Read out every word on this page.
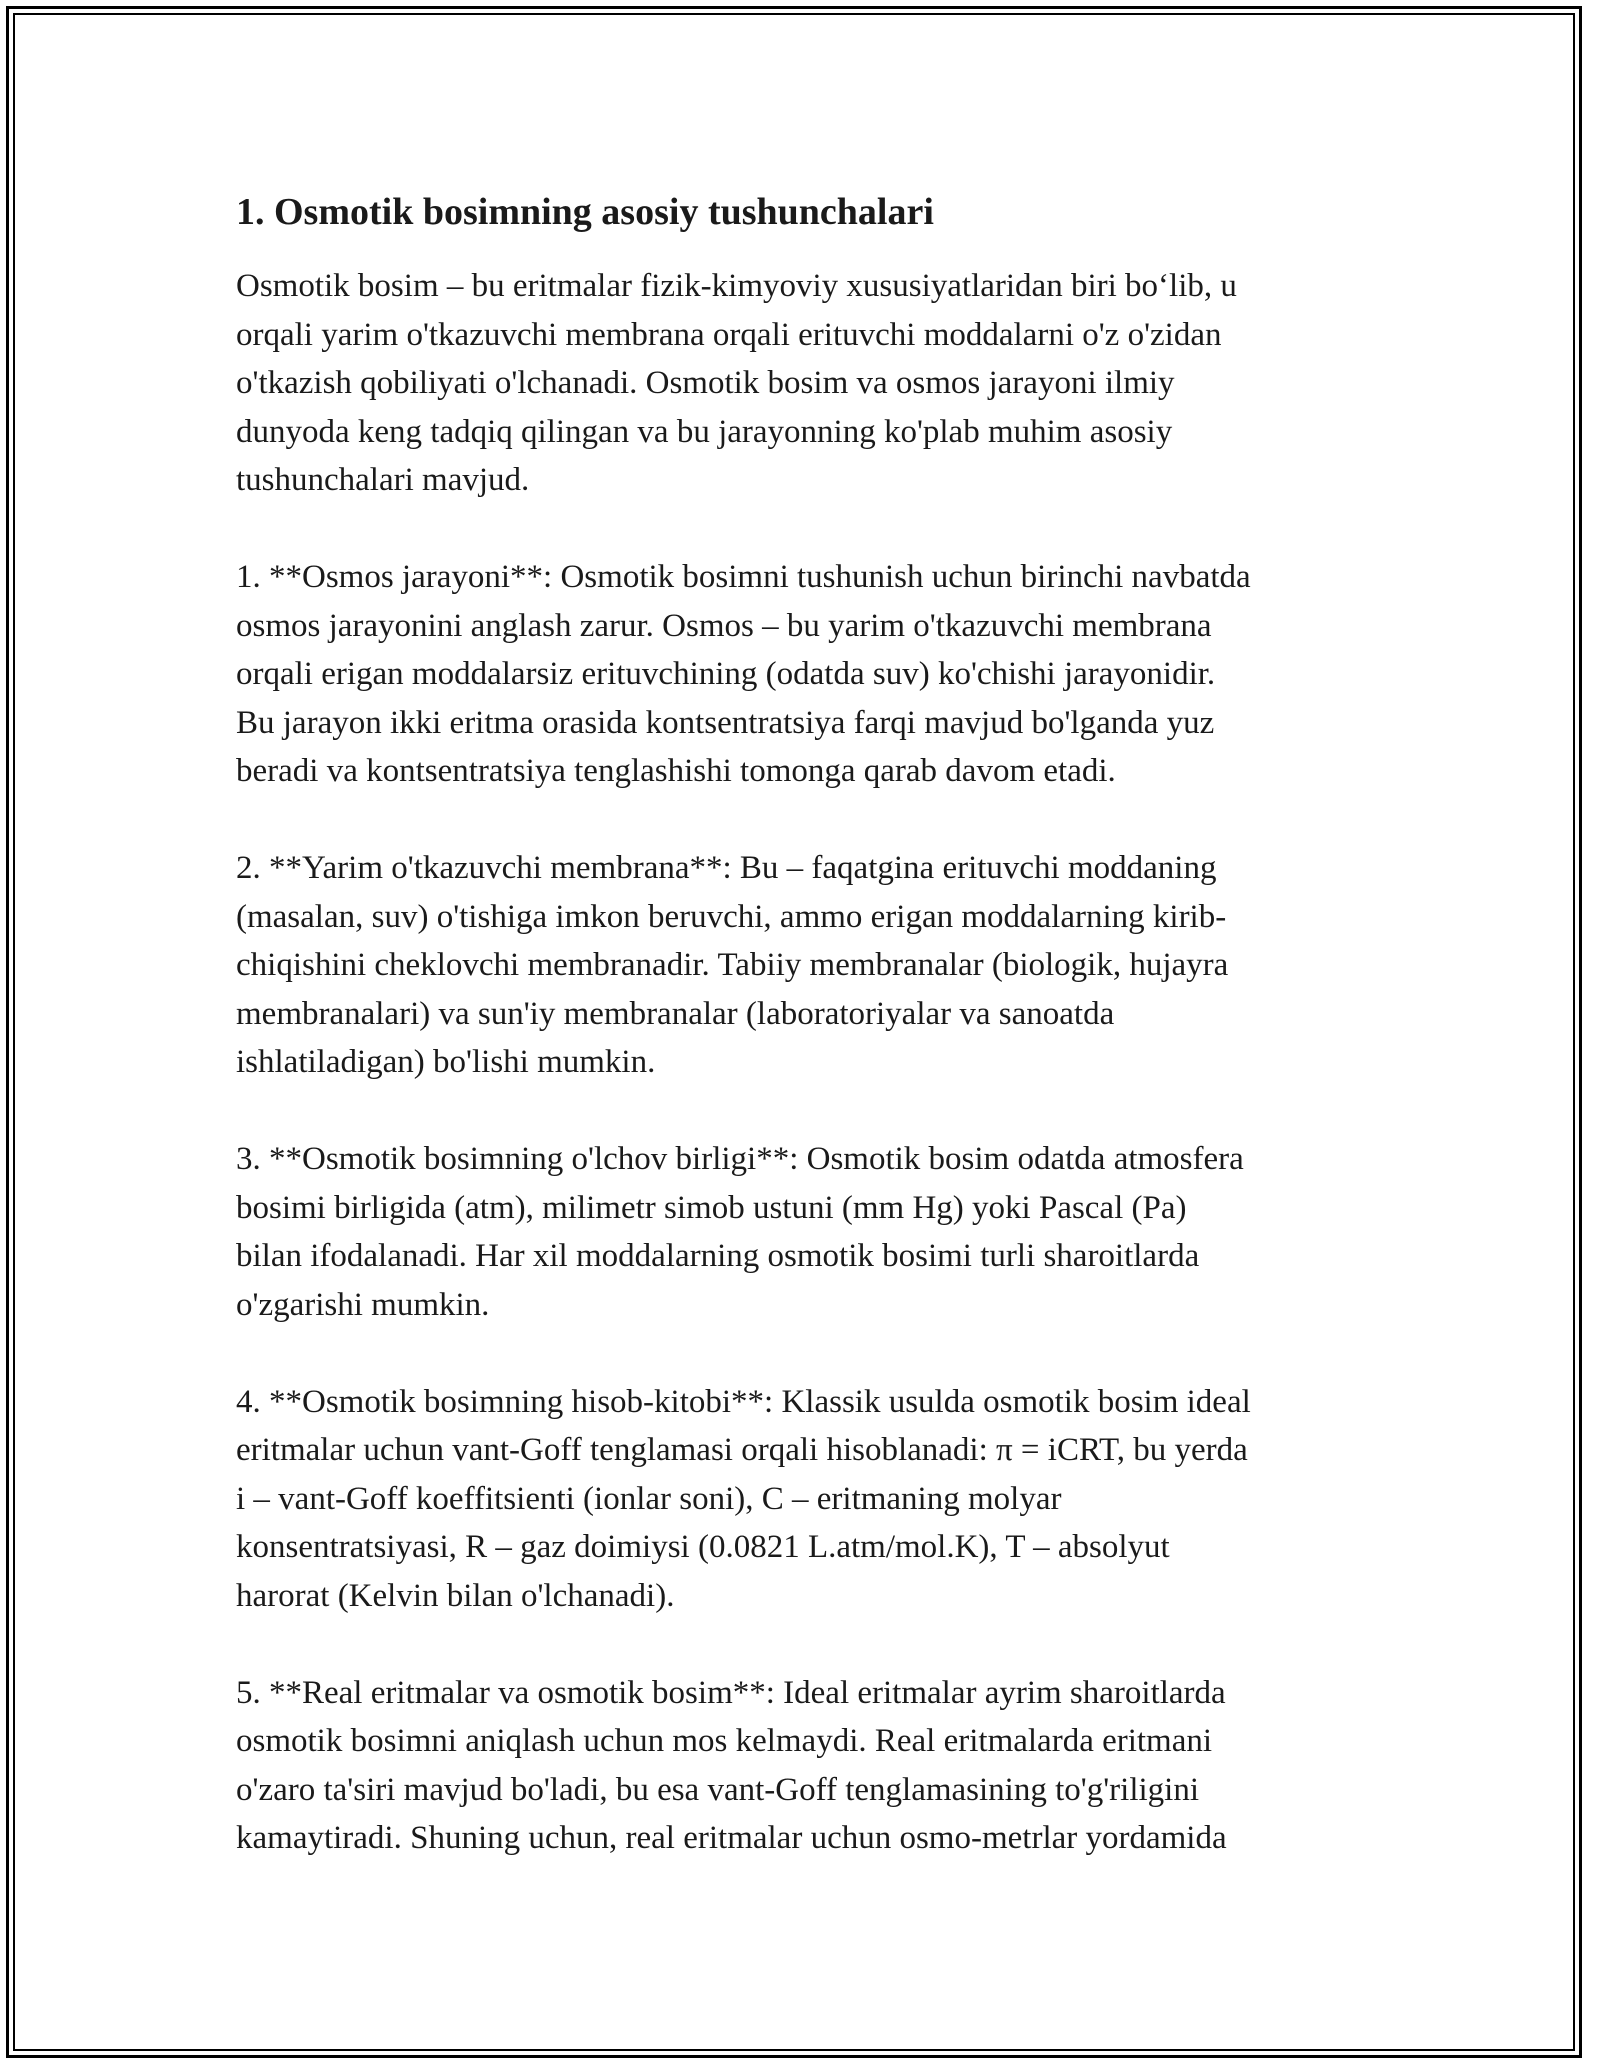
1. Osmotik bosimning asosiy tushunchalari
Osmotik bosim – bu eritmalar fizik-kimyoviy xususiyatlaridan biri bo‘lib, u
orqali yarim o'tkazuvchi membrana orqali erituvchi moddalarni o'z o'zidan
o'tkazish qobiliyati o'lchanadi. Osmotik bosim va osmos jarayoni ilmiy
dunyoda keng tadqiq qilingan va bu jarayonning ko'plab muhim asosiy
tushunchalari mavjud.
1. **Osmos jarayoni**: Osmotik bosimni tushunish uchun birinchi navbatda
osmos jarayonini anglash zarur. Osmos – bu yarim o'tkazuvchi membrana
orqali erigan moddalarsiz erituvchining (odatda suv) ko'chishi jarayonidir.
Bu jarayon ikki eritma orasida kontsentratsiya farqi mavjud bo'lganda yuz
beradi va kontsentratsiya tenglashishi tomonga qarab davom etadi.
2. **Yarim o'tkazuvchi membrana**: Bu – faqatgina erituvchi moddaning
(masalan, suv) o'tishiga imkon beruvchi, ammo erigan moddalarning kirib-
chiqishini cheklovchi membranadir. Tabiiy membranalar (biologik, hujayra
membranalari) va sun'iy membranalar (laboratoriyalar va sanoatda
ishlatiladigan) bo'lishi mumkin.
3. **Osmotik bosimning o'lchov birligi**: Osmotik bosim odatda atmosfera
bosimi birligida (atm), milimetr simob ustuni (mm Hg) yoki Pascal (Pa)
bilan ifodalanadi. Har xil moddalarning osmotik bosimi turli sharoitlarda
o'zgarishi mumkin.
4. **Osmotik bosimning hisob-kitobi**: Klassik usulda osmotik bosim ideal
eritmalar uchun vant-Goff tenglamasi orqali hisoblanadi: π = iCRT, bu yerda
i – vant-Goff koeffitsienti (ionlar soni), C – eritmaning molyar
konsentratsiyasi, R – gaz doimiysi (0.0821 L.atm/mol.K), T – absolyut
harorat (Kelvin bilan o'lchanadi).
5. **Real eritmalar va osmotik bosim**: Ideal eritmalar ayrim sharoitlarda
osmotik bosimni aniqlash uchun mos kelmaydi. Real eritmalarda eritmani
o'zaro ta'siri mavjud bo'ladi, bu esa vant-Goff tenglamasining to'g'riligini
kamaytiradi. Shuning uchun, real eritmalar uchun osmo-metrlar yordamida
